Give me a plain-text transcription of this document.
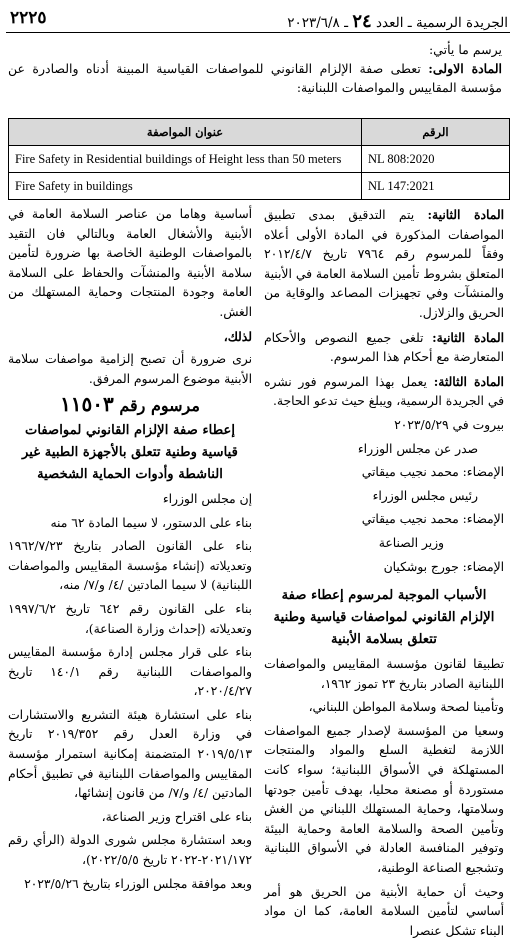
الجريدة الرسمية ـ العدد ٢٤ ـ ٢٠٢٣/٦/٨
٢٢٢٥
يرسم ما يأتي:
المادة الاولى: تعطى صفة الإلزام القانوني للمواصفات القياسية المبينة أدناه والصادرة عن مؤسسة المقاييس والمواصفات اللبنانية:
الرقم	عنوان المواصفة
NL 808:2020	Fire Safety in Residential buildings of Height less than 50 meters
NL 147:2021	Fire Safety in buildings

المادة الثانية: يتم التدقيق بمدى تطبيق المواصفات المذكورة في المادة الأولى أعلاه وفقاً للمرسوم رقم ٧٩٦٤ تاريخ ٢٠١٢/٤/٧ المتعلق بشروط تأمين السلامة العامة في الأبنية والمنشآت وفي تجهيزات المصاعد والوقاية من الحريق والزلازل.

المادة الثانية: تلغى جميع النصوص والأحكام المتعارضة مع أحكام هذا المرسوم.

المادة الثالثة: يعمل بهذا المرسوم فور نشره في الجريدة الرسمية، ويبلغ حيث تدعو الحاجة.

بيروت في ٢٠٢٣/٥/٢٩

صدر عن مجلس الوزراء

الإمضاء: محمد نجيب ميقاتي

رئيس مجلس الوزراء

الإمضاء: محمد نجيب ميقاتي

وزير الصناعة

الإمضاء: جورج بوشكيان

الأسباب الموجبة لمرسوم إعطاء صفة الإلزام القانوني لمواصفات قياسية وطنية تتعلق بسلامة الأبنية

تطبيقا لقانون مؤسسة المقاييس والمواصفات اللبنانية الصادر بتاريخ ٢٣ تموز ١٩٦٢،

وتأمينا لصحة وسلامة المواطن اللبناني،

وسعيا من المؤسسة لإصدار جميع المواصفات اللازمة لتغطية السلع والمواد والمنتجات المستهلكة في الأسواق اللبنانية؛ سواء كانت مستوردة أو مصنعة محليا، بهدف تأمين جودتها وسلامتها، وحماية المستهلك اللبناني من الغش وتأمين الصحة والسلامة العامة وحماية البيئة وتوفير المنافسة العادلة في الأسواق اللبنانية وتشجيع الصناعة الوطنية،

وحيث أن حماية الأبنية من الحريق هو أمر أساسي لتأمين السلامة العامة، كما ان مواد البناء تشكل عنصرا

أساسية وهاما من عناصر السلامة العامة في الأبنية والأشغال العامة وبالتالي فان التقيد بالمواصفات الوطنية الخاصة بها ضرورة لتأمين سلامة الأبنية والمنشآت والحفاظ على السلامة العامة وجودة المنتجات وحماية المستهلك من الغش.

لذلك،

نرى ضرورة أن تصبح إلزامية مواصفات سلامة الأبنية موضوع المرسوم المرفق.

مرسوم رقم ١١٥٠٣

إعطاء صفة الإلزام القانوني لمواصفات قياسية وطنية تتعلق بالأجهزة الطبية غير الناشطة وأدوات الحماية الشخصية

إن مجلس الوزراء

بناء على الدستور، لا سيما المادة ٦٢ منه

بناء على القانون الصادر بتاريخ ١٩٦٢/٧/٢٣ وتعديلاته (إنشاء مؤسسة المقاييس والمواصفات اللبنانية) لا سيما المادتين /٤/ و/٧/ منه،

بناء على القانون رقم ٦٤٢ تاريخ ١٩٩٧/٦/٢ وتعديلاته (إحداث وزارة الصناعة)،

بناء على قرار مجلس إدارة مؤسسة المقاييس والمواصفات اللبنانية رقم ١٤٠/١ تاريخ ٢٠٢٠/٤/٢٧،

بناء على استشارة هيئة التشريع والاستشارات في وزارة العدل رقم ٢٠١٩/٣٥٢ تاريخ ٢٠١٩/٥/١٣ المتضمنة إمكانية استمرار مؤسسة المقاييس والمواصفات اللبنانية في تطبيق أحكام المادتين /٤/ و/٧/ من قانون إنشائها،

بناء على اقتراح وزير الصناعة،

وبعد استشارة مجلس شورى الدولة (الرأي رقم ٢٠٢١/١٧٢-٢٠٢٢ تاريخ ٢٠٢٢/٥/٥)،

وبعد موافقة مجلس الوزراء بتاريخ ٢٠٢٣/٥/٢٦
